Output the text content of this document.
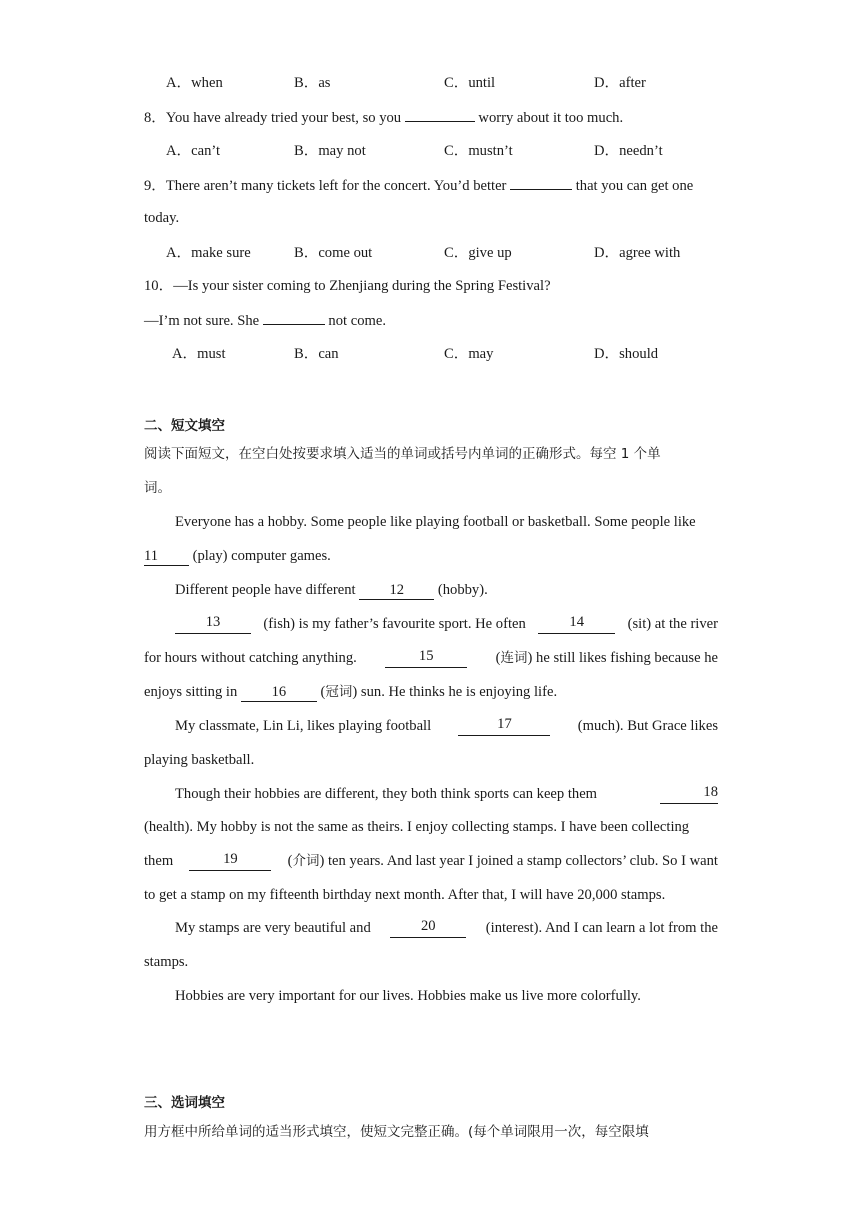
A．when	B．as	C．until	D．after
8．You have already tried your best, so you	worry about it too much.
A．can’t	B．may not	C．mustn’t	D．needn’t
9．There aren’t many tickets left for the concert. You’d better	that you can get one
today.
A．make sure	B．come out	C．give up	D．agree with
10．—Is your sister coming to Zhenjiang during the Spring Festival?
—I’m not sure. She	not come.
A．must	B．can	C．may	D．should
二、短文填空
阅读下面短文，在空白处按要求填入适当的单词或括号内单词的正确形式。每空 1 个单
词。
Everyone has a hobby. Some people like playing football or basketball. Some people like
11 (play) computer games.
Different people have different 12 (hobby).
13	(fish) is my father’s favourite sport. He often	14	(sit) at the river
for hours without catching anything.	15	(连词) he still likes fishing because he
enjoys sitting in 16 (冠词) sun. He thinks he is enjoying life.
My classmate, Lin Li, likes playing football	17	(much). But Grace likes
playing basketball.
Though their hobbies are different, they both think sports can keep them	18
(health). My hobby is not the same as theirs. I enjoy collecting stamps. I have been collecting
them	19	(介词) ten years. And last year I joined a stamp collectors’ club. So I want
to get a stamp on my fifteenth birthday next month. After that, I will have 20,000 stamps.
My stamps are very beautiful and	20	(interest). And I can learn a lot from the
stamps.
Hobbies are very important for our lives. Hobbies make us live more colorfully.
三、选词填空
用方框中所给单词的适当形式填空，使短文完整正确。(每个单词限用一次，每空限填
